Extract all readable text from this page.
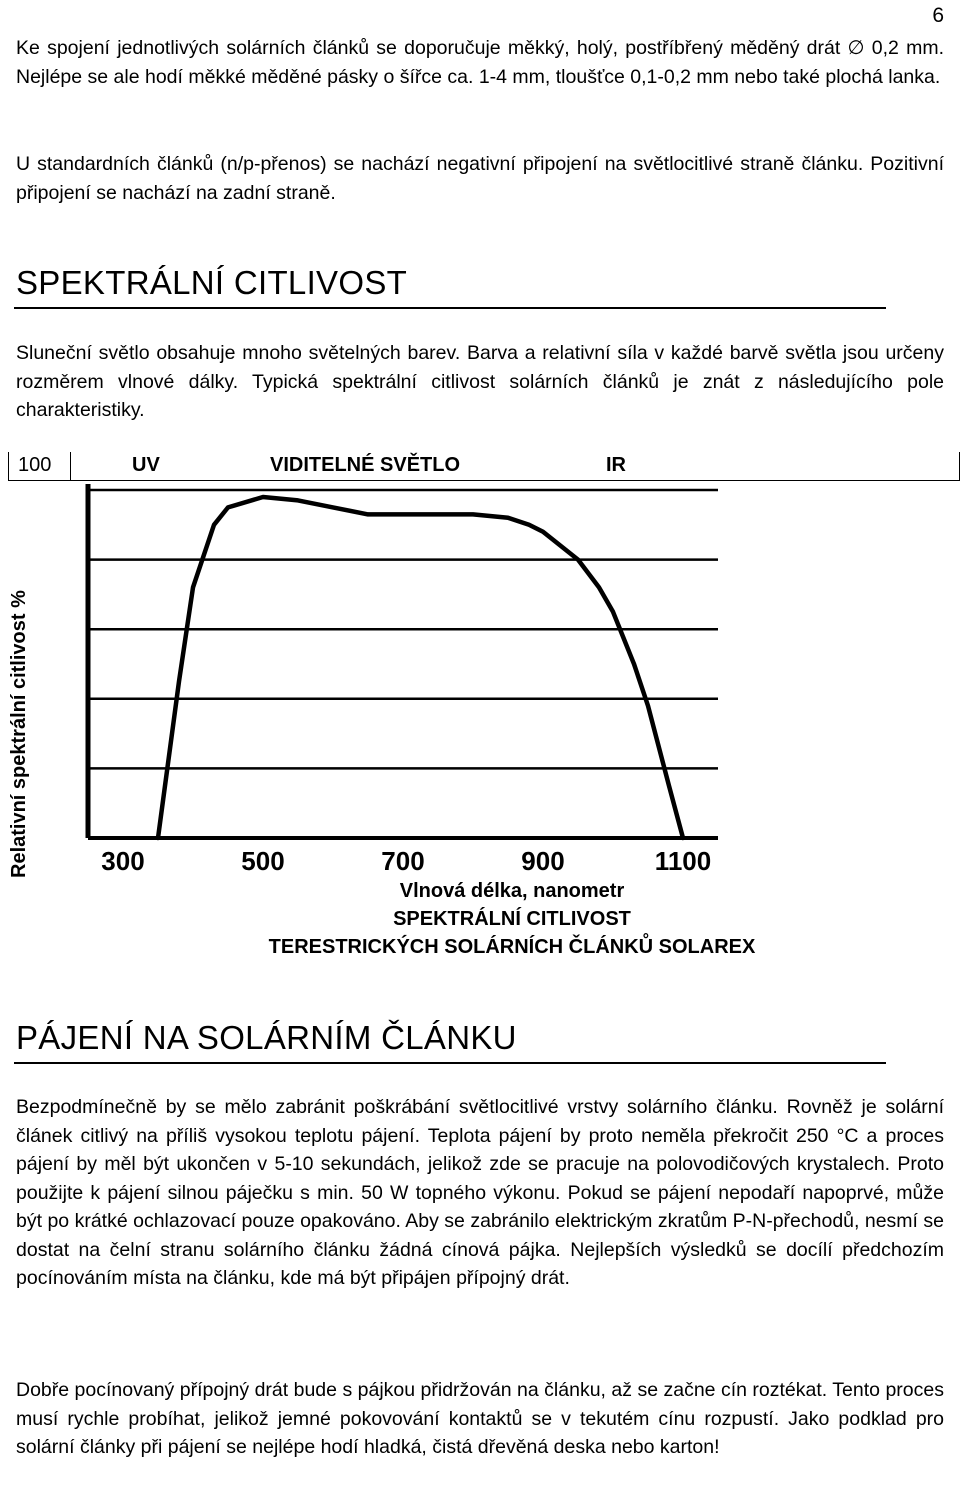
6

Ke spojení jednotlivých solárních článků se doporučuje měkký, holý, postříbřený měděný drát ∅ 0,2 mm. Nejlépe se ale hodí měkké měděné pásky o šířce ca. 1-4 mm, tloušťce 0,1-0,2 mm nebo také plochá lanka.

U standardních článků (n/p-přenos) se nachází negativní připojení na světlocitlivé straně článku. Pozitivní připojení se nachází na zadní straně.

SPEKTRÁLNÍ CITLIVOST

Sluneční světlo obsahuje mnoho světelných barev. Barva a relativní síla v každé barvě světla jsou určeny rozměrem vlnové dálky. Typická spektrální citlivost solárních článků je znát z následujícího pole charakteristiky.

100	UV	VIDITELNÉ SVĚTLO	IR
Relativní spektrální citlivost %	300	500	700	900	1100
Vlnová délka, nanometr
SPEKTRÁLNÍ CITLIVOST
TERESTRICKÝCH SOLÁRNÍCH ČLÁNKŮ SOLAREX
PÁJENÍ NA SOLÁRNÍM ČLÁNKU

Bezpodmínečně by se mělo zabránit poškrábání světlocitlivé vrstvy solárního článku. Rovněž je solární článek citlivý na příliš vysokou teplotu pájení. Teplota pájení by proto neměla překročit 250 °C a proces pájení by měl být ukončen v 5-10 sekundách, jelikož zde se pracuje na polovodičových krystalech. Proto použijte k pájení silnou páječku s min. 50 W topného výkonu. Pokud se pájení nepodaří napoprvé, může být po krátké ochlazovací pouze opakováno. Aby se zabránilo elektrickým zkratům P-N-přechodů, nesmí se dostat na čelní stranu solárního článku žádná cínová pájka. Nejlepších výsledků se docílí předchozím pocínováním místa na článku, kde má být připájen přípojný drát.

Dobře pocínovaný přípojný drát bude s pájkou přidržován na článku, až se začne cín roztékat. Tento proces musí rychle probíhat, jelikož jemné pokovování kontaktů se v tekutém cínu rozpustí. Jako podklad pro solární články při pájení se nejlépe hodí hladká, čistá dřevěná deska nebo karton!
